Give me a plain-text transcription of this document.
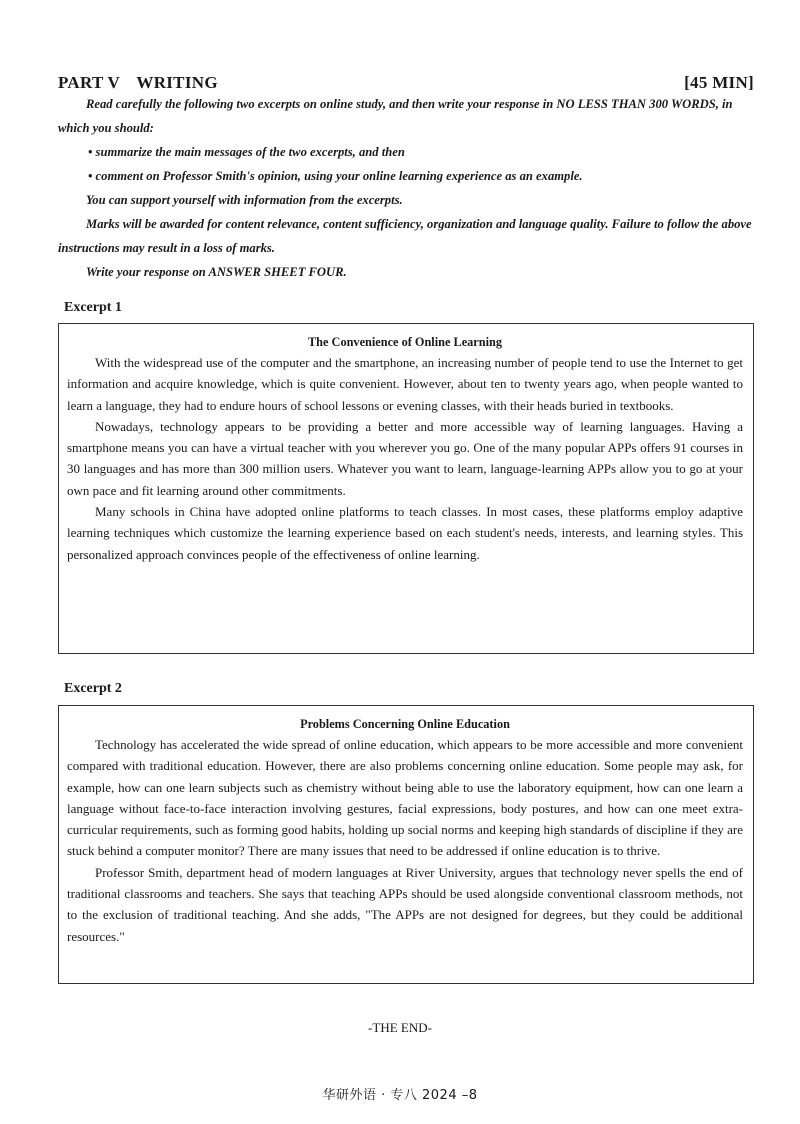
PART V WRITING	[45 MIN]

Read carefully the following two excerpts on online study, and then write your response in NO LESS THAN 300 WORDS, in which you should:

• summarize the main messages of the two excerpts, and then

• comment on Professor Smith's opinion, using your online learning experience as an example.

You can support yourself with information from the excerpts.

Marks will be awarded for content relevance, content sufficiency, organization and language quality. Failure to follow the above instructions may result in a loss of marks.

Write your response on ANSWER SHEET FOUR.

Excerpt 1
The Convenience of Online Learning

With the widespread use of the computer and the smartphone, an increasing number of people tend to use the Internet to get information and acquire knowledge, which is quite convenient. However, about ten to twenty years ago, when people wanted to learn a language, they had to endure hours of school lessons or evening classes, with their heads buried in textbooks.

Nowadays, technology appears to be providing a better and more accessible way of learning languages. Having a smartphone means you can have a virtual teacher with you wherever you go. One of the many popular APPs offers 91 courses in 30 languages and has more than 300 million users. Whatever you want to learn, language-learning APPs allow you to go at your own pace and fit learning around other commitments.

Many schools in China have adopted online platforms to teach classes. In most cases, these platforms employ adaptive learning techniques which customize the learning experience based on each student's needs, interests, and learning styles. This personalized approach convinces people of the effectiveness of online learning.

Excerpt 2
Problems Concerning Online Education

Technology has accelerated the wide spread of online education, which appears to be more accessible and more convenient compared with traditional education. However, there are also problems concerning online education. Some people may ask, for example, how can one learn subjects such as chemistry without being able to use the laboratory equipment, how can one learn a language without face-to-face interaction involving gestures, facial expressions, body postures, and how can one meet extra-curricular requirements, such as forming good habits, holding up social norms and keeping high standards of discipline if they are stuck behind a computer monitor? There are many issues that need to be addressed if online education is to thrive.

Professor Smith, department head of modern languages at River University, argues that technology never spells the end of traditional classrooms and teachers. She says that teaching APPs should be used alongside conventional classroom methods, not to the exclusion of traditional teaching. And she adds, "The APPs are not designed for degrees, but they could be additional resources."

-THE END-
华研外语 · 专八 2024 –8
